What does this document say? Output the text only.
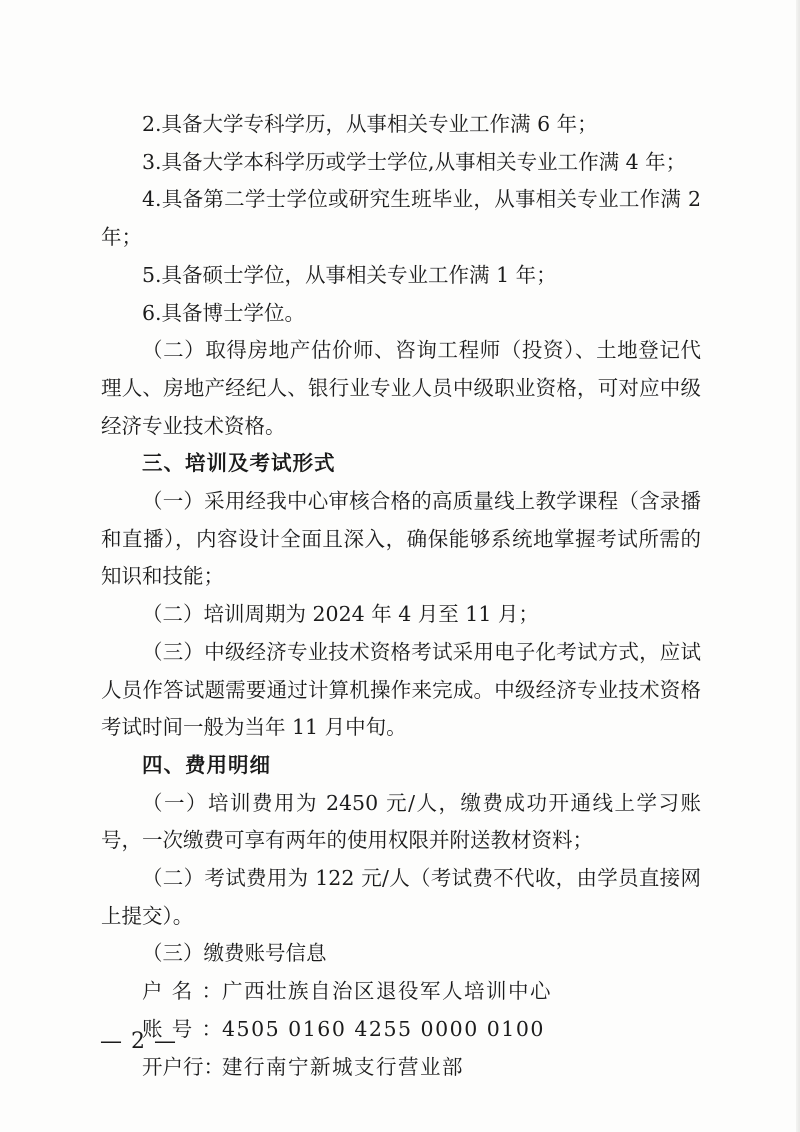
2.具备大学专科学历，从事相关专业工作满 6 年；

3.具备大学本科学历或学士学位,从事相关专业工作满 4 年；

4.具备第二学士学位或研究生班毕业，从事相关专业工作满 2 年；

5.具备硕士学位，从事相关专业工作满 1 年；

6.具备博士学位。

（二）取得房地产估价师、咨询工程师（投资）、土地登记代理人、房地产经纪人、银行业专业人员中级职业资格，可对应中级经济专业技术资格。

三、培训及考试形式

（一）采用经我中心审核合格的高质量线上教学课程（含录播和直播），内容设计全面且深入，确保能够系统地掌握考试所需的知识和技能；

（二）培训周期为 2024 年 4 月至 11 月；

（三）中级经济专业技术资格考试采用电子化考试方式，应试人员作答试题需要通过计算机操作来完成。中级经济专业技术资格考试时间一般为当年 11 月中旬。

四、费用明细

（一）培训费用为 2450 元/人，缴费成功开通线上学习账号，一次缴费可享有两年的使用权限并附送教材资料；

（二）考试费用为 122 元/人（考试费不代收，由学员直接网上提交）。

（三）缴费账号信息

户名：广西壮族自治区退役军人培训中心

账号：4505 0160 4255 0000 0100

开户行：建行南宁新城支行营业部

— 2 —
